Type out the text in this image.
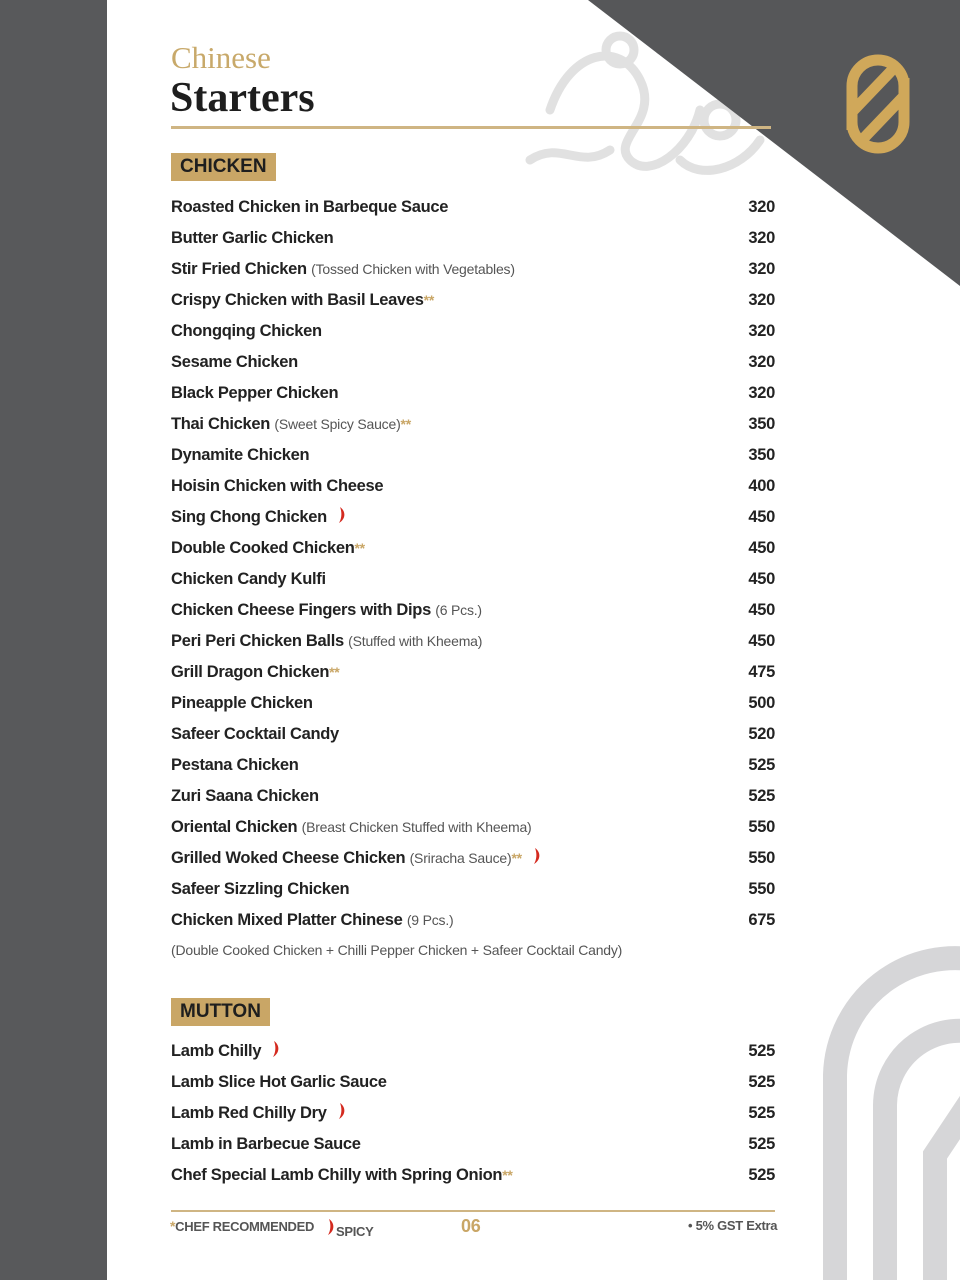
Chinese
Starters
CHICKEN
Roasted Chicken in Barbeque Sauce	320
Butter Garlic Chicken	320
Stir Fried Chicken (Tossed Chicken with Vegetables)	320
Crispy Chicken with Basil Leaves**	320
Chongqing Chicken	320
Sesame Chicken	320
Black Pepper Chicken	320
Thai Chicken (Sweet Spicy Sauce)**	350
Dynamite Chicken	350
Hoisin Chicken with Cheese	400
Sing Chong Chicken	450
Double Cooked Chicken**	450
Chicken Candy Kulfi	450
Chicken Cheese Fingers with Dips (6 Pcs.)	450
Peri Peri Chicken Balls (Stuffed with Kheema)	450
Grill Dragon Chicken**	475
Pineapple Chicken	500
Safeer Cocktail Candy	520
Pestana Chicken	525
Zuri Saana Chicken	525
Oriental Chicken (Breast Chicken Stuffed with Kheema)	550
Grilled Woked Cheese Chicken (Sriracha Sauce)**	550
Safeer Sizzling Chicken	550
Chicken Mixed Platter Chinese (9 Pcs.)	675
(Double Cooked Chicken + Chilli Pepper Chicken + Safeer Cocktail Candy)
MUTTON
Lamb Chilly	525
Lamb Slice Hot Garlic Sauce	525
Lamb Red Chilly Dry	525
Lamb in Barbecue Sauce	525
Chef Special Lamb Chilly with Spring Onion**	525
*CHEF RECOMMENDED	SPICY	06	• 5% GST Extra
